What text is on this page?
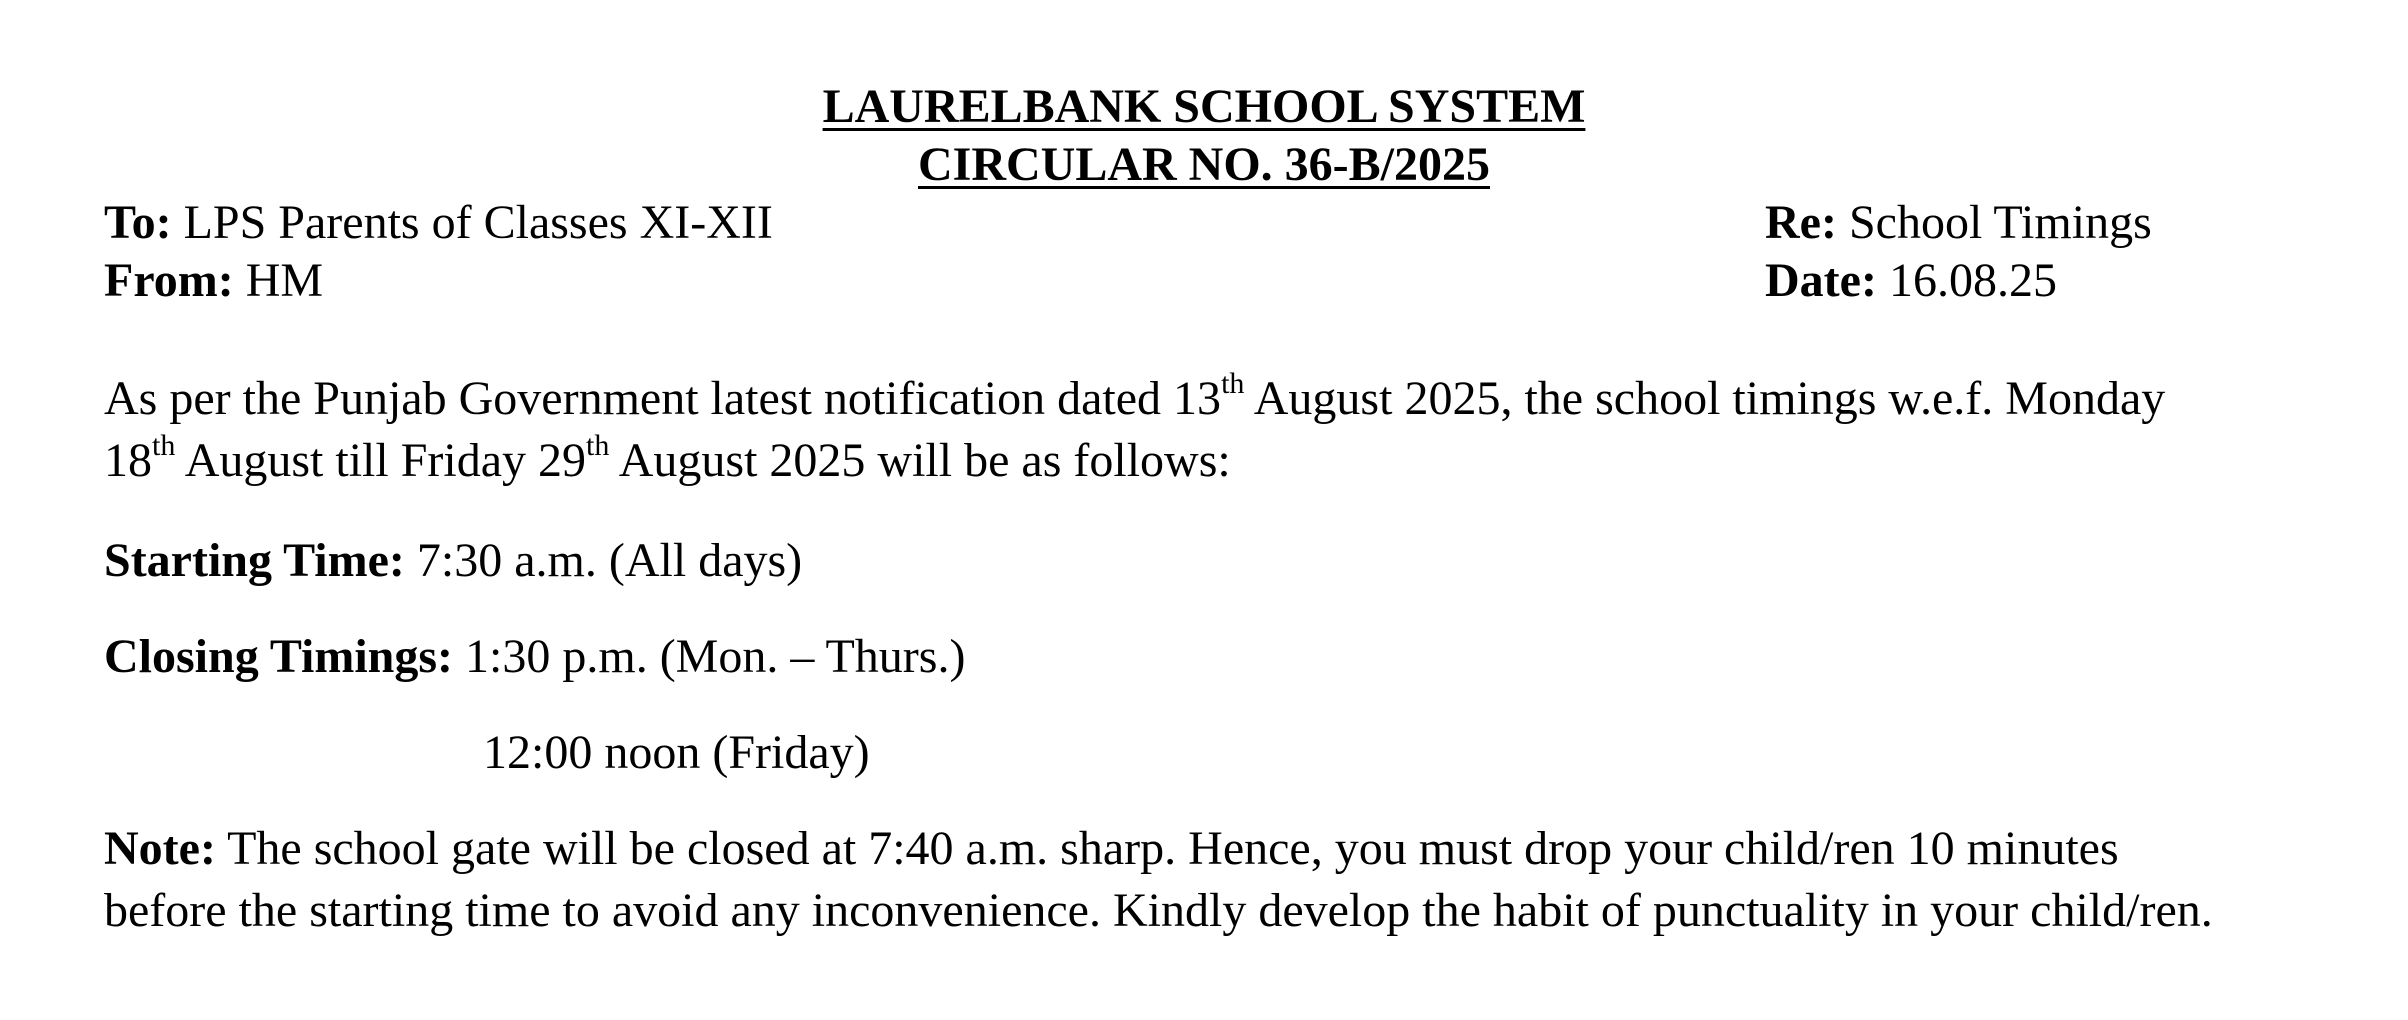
LAURELBANK SCHOOL SYSTEM
CIRCULAR NO. 36-B/2025
To: LPS Parents of Classes XI-XII
From: HM
Re: School Timings
Date: 16.08.25
As per the Punjab Government latest notification dated 13th August 2025, the school timings w.e.f. Monday
18th August till Friday 29th August 2025 will be as follows:
Starting Time: 7:30 a.m. (All days)
Closing Timings: 1:30 p.m. (Mon. – Thurs.)
12:00 noon (Friday)
Note: The school gate will be closed at 7:40 a.m. sharp. Hence, you must drop your child/ren 10 minutes
before the starting time to avoid any inconvenience. Kindly develop the habit of punctuality in your child/ren.
